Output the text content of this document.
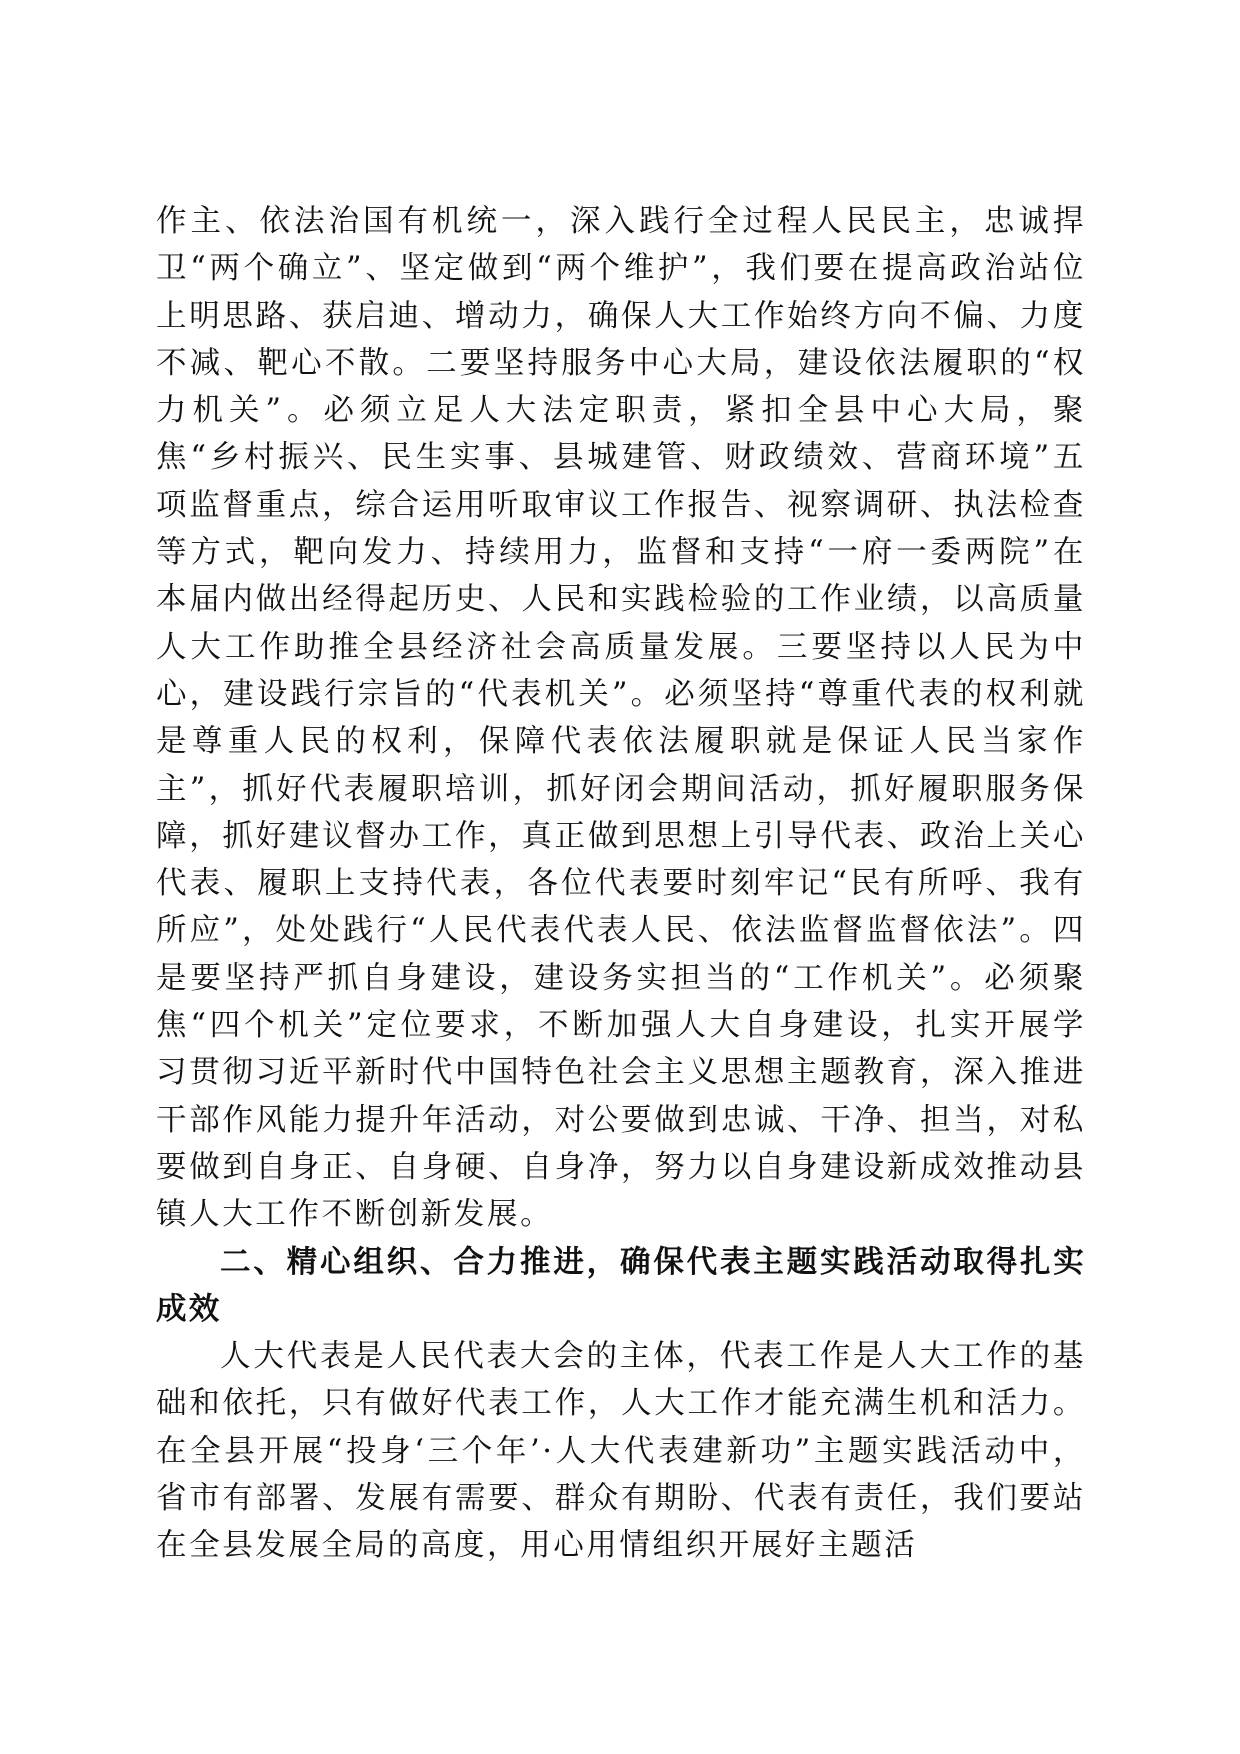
作主、依法治国有机统一，深入践行全过程人民民主，忠诚捍卫“两个确立”、坚定做到“两个维护”，我们要在提高政治站位上明思路、获启迪、增动力，确保人大工作始终方向不偏、力度不减、靶心不散。二要坚持服务中心大局，建设依法履职的“权力机关”。必须立足人大法定职责，紧扣全县中心大局，聚焦“乡村振兴、民生实事、县城建管、财政绩效、营商环境”五项监督重点，综合运用听取审议工作报告、视察调研、执法检查等方式，靶向发力、持续用力，监督和支持“一府一委两院”在本届内做出经得起历史、人民和实践检验的工作业绩，以高质量人大工作助推全县经济社会高质量发展。三要坚持以人民为中心，建设践行宗旨的“代表机关”。必须坚持“尊重代表的权利就是尊重人民的权利，保障代表依法履职就是保证人民当家作主”，抓好代表履职培训，抓好闭会期间活动，抓好履职服务保障，抓好建议督办工作，真正做到思想上引导代表、政治上关心代表、履职上支持代表，各位代表要时刻牢记“民有所呼、我有所应”，处处践行“人民代表代表人民、依法监督监督依法”。四是要坚持严抓自身建设，建设务实担当的“工作机关”。必须聚焦“四个机关”定位要求，不断加强人大自身建设，扎实开展学习贯彻习近平新时代中国特色社会主义思想主题教育，深入推进干部作风能力提升年活动，对公要做到忠诚、干净、担当，对私要做到自身正、自身硬、自身净，努力以自身建设新成效推动县镇人大工作不断创新发展。

二、精心组织、合力推进，确保代表主题实践活动取得扎实成效

人大代表是人民代表大会的主体，代表工作是人大工作的基础和依托，只有做好代表工作，人大工作才能充满生机和活力。在全县开展“投身‘三个年’·人大代表建新功”主题实践活动中，省市有部署、发展有需要、群众有期盼、代表有责任，我们要站在全县发展全局的高度，用心用情组织开展好主题活
